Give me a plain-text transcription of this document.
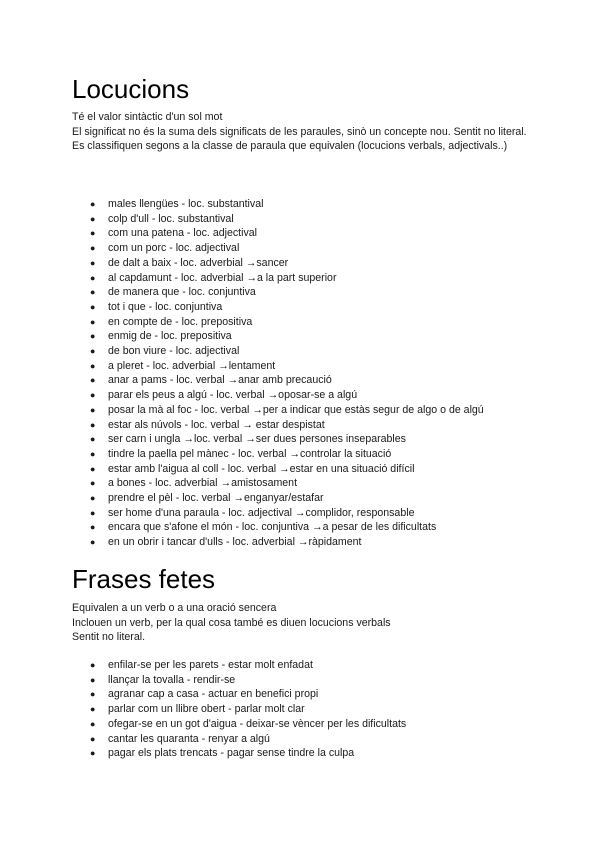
Locucions

Té el valor sintàctic d'un sol mot

El significat no és la suma dels significats de les paraules, sinò un concepte nou. Sentit no literal.

Es classifiquen segons a la classe de paraula que equivalen (locucions verbals, adjectivals..)

● males llengües - loc. substantival
● colp d'ull - loc. substantival
● com una patena - loc. adjectival
● com un porc - loc. adjectival
● de dalt a baix - loc. adverbial →sancer
● al capdamunt - loc. adverbial →a la part superior
● de manera que - loc. conjuntiva
● tot i que - loc. conjuntiva
● en compte de - loc. prepositiva
● enmig de - loc. prepositiva
● de bon viure - loc. adjectival
● a pleret - loc. adverbial →lentament
● anar a pams - loc. verbal →anar amb precaució
● parar els peus a algú - loc. verbal →oposar-se a algú
● posar la mà al foc - loc. verbal →per a indicar que estàs segur de algo o de algú
● estar als núvols - loc. verbal → estar despistat
● ser carn i ungla →loc. verbal →ser dues persones inseparables
● tindre la paella pel mànec - loc. verbal →controlar la situació
● estar amb l'aigua al coll - loc. verbal →estar en una situació difícil
● a bones - loc. adverbial →amistosament
● prendre el pèl - loc. verbal →enganyar/estafar
● ser home d'una paraula - loc. adjectival →complidor, responsable
● encara que s'afone el món - loc. conjuntiva →a pesar de les dificultats
● en un obrir i tancar d'ulls - loc. adverbial →ràpidament
Frases fetes

Equivalen a un verb o a una oració sencera

Inclouen un verb, per la qual cosa també es diuen locucions verbals

Sentit no literal.

● enfilar-se per les parets - estar molt enfadat
● llançar la tovalla - rendir-se
● agranar cap a casa - actuar en benefici propi
● parlar com un llibre obert - parlar molt clar
● ofegar-se en un got d'aigua - deixar-se vèncer per les dificultats
● cantar les quaranta - renyar a algú
● pagar els plats trencats - pagar sense tindre la culpa
